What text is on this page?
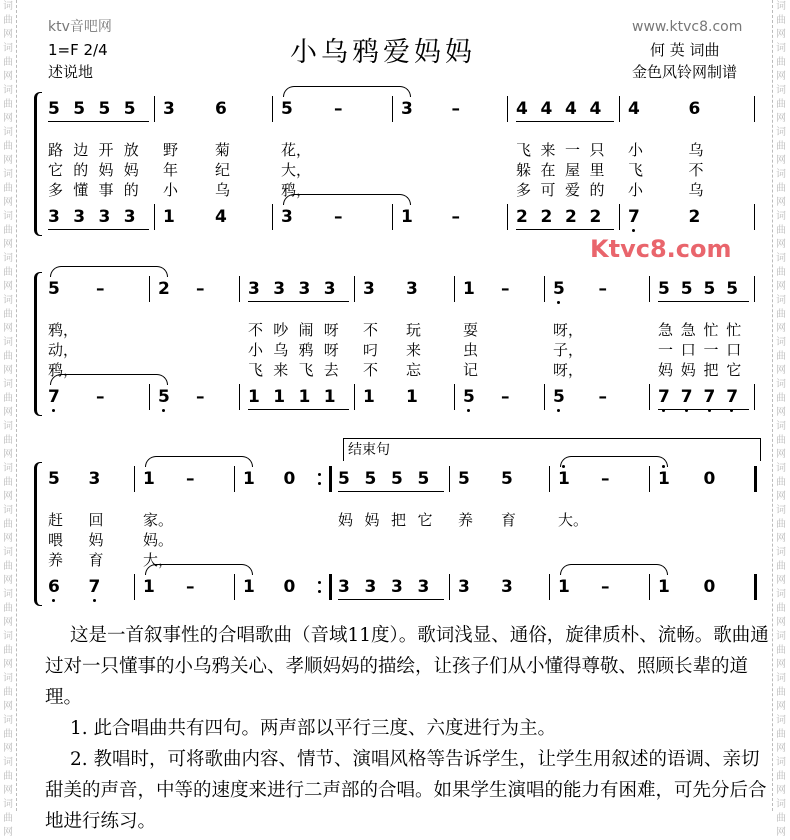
词
曲
网
词
曲
网
词
曲
网
词
曲
网
词
曲
网
词
曲
网
词
曲
网
词
曲
网
词
曲
网
词
曲
网
词
曲
网
词
曲
网
词
曲
网
词
曲
网
词
曲
网
词
曲
网
词
曲
网
词
曲
网
词
曲
网
词
曲
网
词
曲
网
词
曲
网
词
曲
网
词
曲
网
词
曲
网
词
曲
网
词
曲
网
词
曲
网
词
曲
网
词
曲
网
词
曲
网
词
曲
网
词
曲
网
词
曲
网
词
曲
网
词
曲
网
词
曲
网
词
曲
网
词
曲
网
词
曲
网
ktv音吧网
1=F 2/4
述说地
小乌鸦爱妈妈
www.ktvc8.com
何 英 词曲
金色风铃网制谱
5 5 5 5
3 3 3 3
路 边 开 放
它 的 妈 妈
多 懂 事 的
3	6
1	4
野	菊
年	纪
小	乌
5	–
3	–
花，
大，
鸦，
3	–
1	–
4 4 4 4
2 2 2 2
飞 来 一 只
躲 在 屋 里
多 可 爱 的
4	6
7	2
小	乌
飞	不
小	乌
5	–
7	–
鸦，
动，
鸦，
2	–
5	–
3 3 3 3
1 1 1 1
不 吵 闹 呀
小 乌 鸦 呀
飞 来 飞 去
3	3
1	1
不	玩
叼	来
不	忘
1	–
5	–
耍
虫
记
5	–
5	–
呀，
子，
呀，
5 5 5 5
7 7 7 7
急 急 忙 忙
一 口 一 口
妈 妈 把 它
5	3
6	7
赶	回
喂	妈
养	育
1	–
1	–
家。
妈。
大，
1	0
1	0
5 5 5 5
3 3 3 3
妈 妈 把 它
5	5
3	3
养	育
1	–
1	–
大。
1	0
1	0
结束句

这是一首叙事性的合唱歌曲（音域11度）。歌词浅显、通俗，旋律质朴、流畅。歌曲通过对一只懂事的小乌鸦关心、孝顺妈妈的描绘，让孩子们从小懂得尊敬、照顾长辈的道理。

1. 此合唱曲共有四句。两声部以平行三度、六度进行为主。

2. 教唱时，可将歌曲内容、情节、演唱风格等告诉学生，让学生用叙述的语调、亲切甜美的声音，中等的速度来进行二声部的合唱。如果学生演唱的能力有困难，可先分后合地进行练习。

Ktvc8.com
